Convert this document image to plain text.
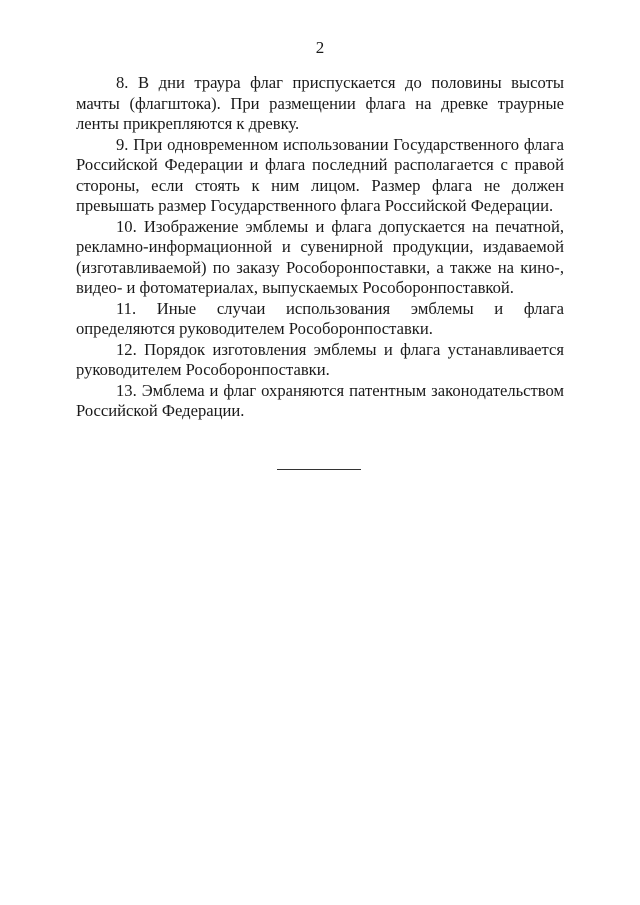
2

8. В дни траура флаг приспускается до половины высоты мачты (флагштока). При размещении флага на древке траурные ленты прикрепляются к древку.

9. При одновременном использовании Государственного флага Российской Федерации и флага последний располагается с правой стороны, если стоять к ним лицом. Размер флага не должен превышать размер Государственного флага Российской Федерации.

10. Изображение эмблемы и флага допускается на печатной, рекламно-информационной и сувенирной продукции, издаваемой (изготавливаемой) по заказу Рособоронпоставки, а также на кино-, видео- и фотоматериалах, выпускаемых Рособоронпоставкой.

11. Иные случаи использования эмблемы и флага определяются руководителем Рособоронпоставки.

12. Порядок изготовления эмблемы и флага устанавливается руководителем Рособоронпоставки.

13. Эмблема и флаг охраняются патентным законодательством Российской Федерации.
